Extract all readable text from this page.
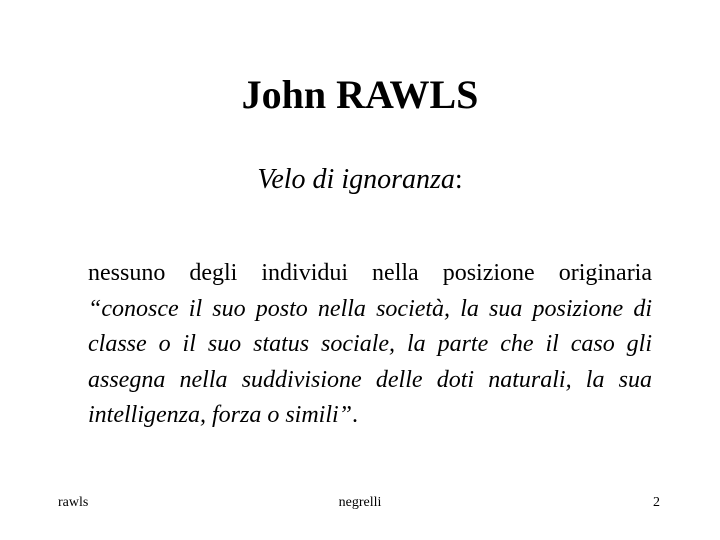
John RAWLS
Velo di ignoranza:
nessuno degli individui nella posizione originaria “conosce il suo posto nella società, la sua posizione di classe o il suo status sociale, la parte che il caso gli assegna nella suddivisione delle doti naturali, la sua intelligenza, forza o simili”.
rawls	negrelli	2
